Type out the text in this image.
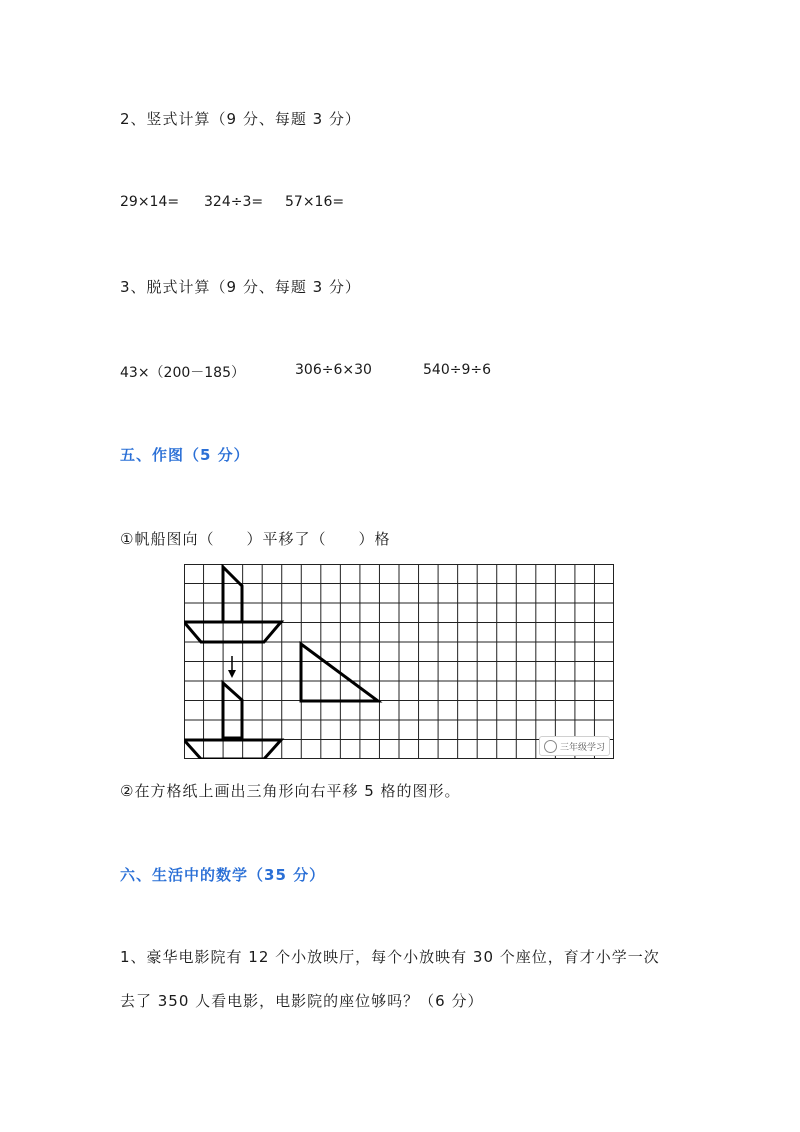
2、竖式计算（9 分、每题 3 分）
29×14= 324÷3= 57×16=
3、脱式计算（9 分、每题 3 分）
43×（200－185）	306÷6×30	540÷9÷6
五、作图（5 分）
①帆船图向（　　）平移了（　　）格
三年级学习
②在方格纸上画出三角形向右平移 5 格的图形。
六、生活中的数学（35 分）
1、豪华电影院有 12 个小放映厅，每个小放映有 30 个座位，育才小学一次
去了 350 人看电影，电影院的座位够吗？（6 分）
